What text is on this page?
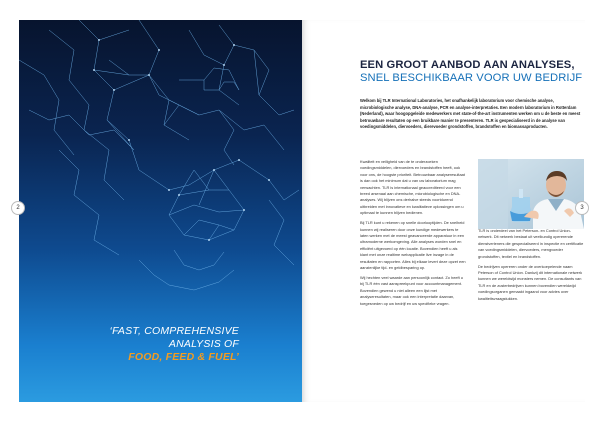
‘FAST, COMPREHENSIVE
ANALYSIS OF
FOOD, FEED & FUEL’
EEN GROOT AANBOD AAN ANALYSES,
SNEL BESCHIKBAAR VOOR UW BEDRIJF

Welkom bij TLR International Laboratories, het onafhankelijk laboratorium voor chemische analyse, microbiologische analyse, DNA-analyse, PCR en analyse-interpretaties. Een modern laboratorium in Rotterdam (Nederland), waar hoogopgeleide medewerkers met state-of-the-art instrumenten werken om u de beste en meest betrouwbare resultaten op een bruikbare manier te presenteren. TLR is gespecialiseerd in de analyse van voedingsmiddelen, diervoeders, dierevoeder grondstoffen, brandstoffen en biomassaproducten.

Kwaliteit en veiligheid van de te onderzoeken voedingsmiddelen, diervoeders en brandstoffen heeft, ook voor ons, de hoogste prioriteit. Betrouwbaar analyseresultaat is dan ook het minimum dat u van uw laboratorium mag verwachten. TLR is internationaal geaccrediteerd voor een breed arsenaal aan chemische, microbiologische en DNA-analyses. Wij blijven ons derhalve steeds voortdurend uitbreiden met innovatieve en kwalitatieve oplossingen om u optimaal te kunnen blijven bedienen.

Bij TLR kunt u rekenen op snelle doorlooptijden. De snelheid kunnen wij realiseren door onze kundige medewerkers te laten werken met de meest geavanceerde apparatuur in een ultramoderne werkomgeving. Alle analyses worden snel en efficiënt uitgevoerd op één locatie. Bovendien heeft u als klant met onze realtime webapplicatie live inzage in de resultaten en rapporten. Alles bij elkaar levert deze opzet een aanzienlijke tijd- en geldbesparing op.

Wij hechten veel waarde aan persoonlijk contact. Zo heeft u bij TLR één vast aanspreekpunt voor accountmanagement. Bovendien gewend u niet alleen een lijst met analyseresultaten, maar ook een interpretatie daarvan, toegesneden op uw bedrijf en uw specifieke vragen.

TLR is onderdeel van het Peterson- en Control Union- netwerk. Dit netwerk bestaat uit veelkundig opererende dienstverleners die gespecialiseerd in inspectie en certificatie van voedingsmiddelen, diervoeders, mengvoeder grondstoffen, textiel en brandstoffen.

De bedrijven opereren onder de overkoepelende naam Peterson of Control Union. Dankzij dit internationale netwerk kunnen we wereldwijd monsters nemen. De consultants van TLR en de zusterbedrijven kunnen bovendien wereldwijd voedingsorganen gemaakt ingaand voor advies over kwaliteitsvraagstukken.

2	3
